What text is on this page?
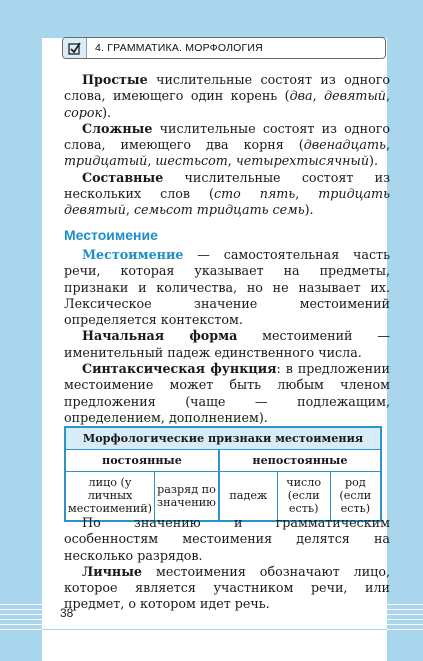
4. ГРАММАТИКА. МОРФОЛОГИЯ

Простые числительные состоят из одного слова, имеющего один корень (два, девятый, сорок).

Сложные числительные состоят из одного слова, имеющего два корня (двенадцать, тридцатый, шестьсот, четырехтысячный).

Составные числительные состоят из нескольких слов (сто пять, тридцать девятый, семьсот тридцать семь).

Местоимение

Местоимение — самостоятельная часть речи, которая указывает на предметы, признаки и количества, но не называет их. Лексическое значение местоимений определяется контекстом.

Начальная форма местоимений — именительный падеж единственного числа.

Синтаксическая функция: в предложении местоимение может быть любым членом предложения (чаще — подлежащим, определением, дополнением).

Морфологические признаки местоимения				
постоянные		непостоянные		
лицо (у личных местоимений)	разряд по значению	падеж	число (если есть)	род (если есть)

По значению и грамматическим особенностям местоимения делятся на несколько разрядов.

Личные местоимения обозначают лицо, которое является участником речи, или предмет, о котором идет речь.

38
